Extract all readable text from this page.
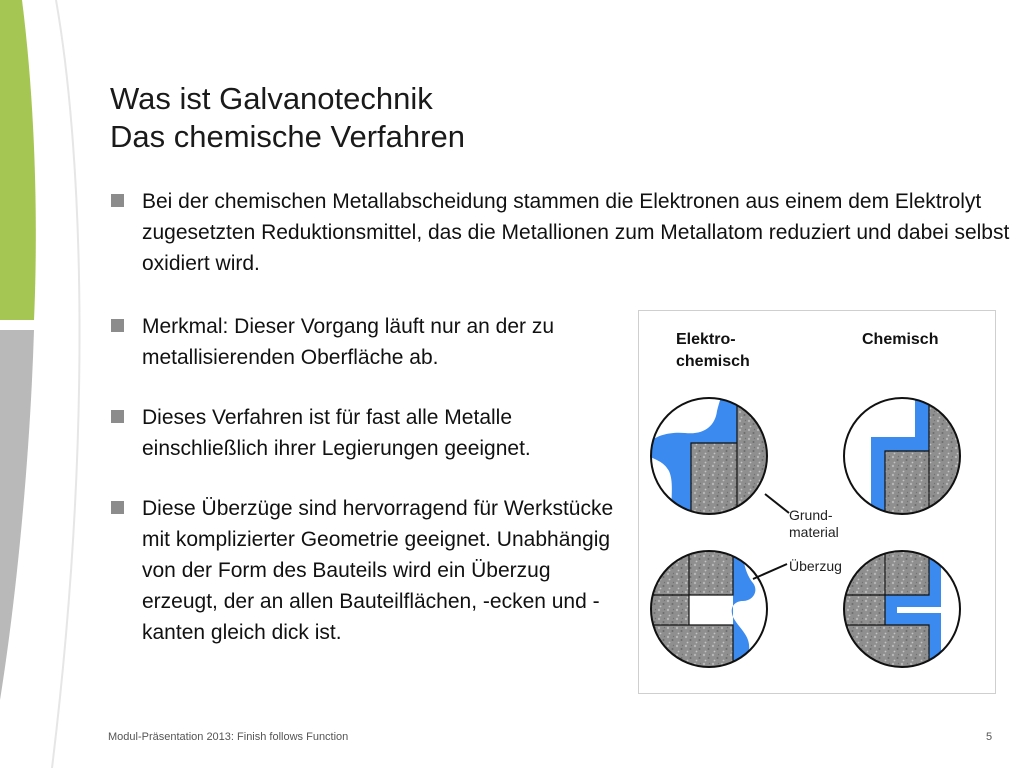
Was ist Galvanotechnik
Das chemische Verfahren
Bei der chemischen Metallabscheidung stammen die Elektronen aus einem dem Elektrolyt zugesetzten Reduktionsmittel, das die Metallionen zum Metallatom reduziert und dabei selbst oxidiert wird.
Merkmal: Dieser Vorgang läuft nur an der zu metallisierenden Oberfläche ab.
Dieses Verfahren ist für fast alle Metalle einschließlich ihrer Legierungen geeignet.
Diese Überzüge sind hervorragend für Werkstücke mit komplizierter Geometrie geeignet. Unabhängig von der Form des Bauteils wird ein Überzug erzeugt, der an allen Bauteilflächen, -ecken und -kanten gleich dick ist.
Elektro-
chemisch
Chemisch
Grund-
material
Überzug
Modul-Präsentation 2013: Finish follows Function	5
